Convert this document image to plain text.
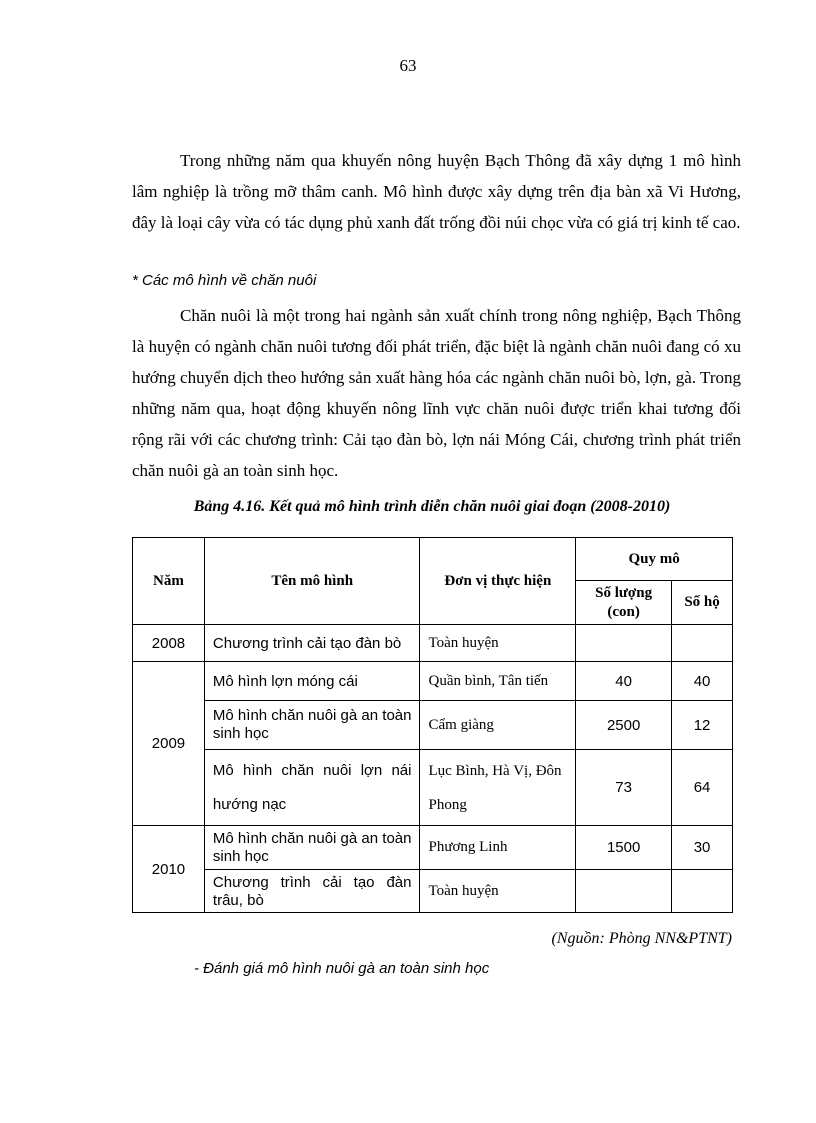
63

Trong những năm qua khuyến nông huyện Bạch Thông đã xây dựng 1 mô hình lâm nghiệp là trồng mỡ thâm canh. Mô hình được xây dựng trên địa bàn xã Vi Hương, đây là loại cây vừa có tác dụng phủ xanh đất trống đồi núi chọc vừa có giá trị kinh tế cao.

* Các mô hình về chăn nuôi

Chăn nuôi là một trong hai ngành sản xuất chính trong nông nghiệp, Bạch Thông là huyện có ngành chăn nuôi tương đối phát triển, đặc biệt là ngành chăn nuôi đang có xu hướng chuyển dịch theo hướng sản xuất hàng hóa các ngành chăn nuôi bò, lợn, gà. Trong những năm qua, hoạt động khuyến nông lĩnh vực chăn nuôi được triển khai tương đối rộng rãi với các chương trình: Cải tạo đàn bò, lợn nái Móng Cái, chương trình phát triển chăn nuôi gà an toàn sinh học.

Bảng 4.16. Kết quả mô hình trình diễn chăn nuôi giai đoạn (2008-2010)
Năm	Tên mô hình	Đơn vị thực hiện	Quy mô	
			Số lượng (con)	Số hộ
2008	Chương trình cải tạo đàn bò	Toàn huyện		
2009	Mô hình lợn móng cái	Quần bình, Tân tiến	40	40
	Mô hình chăn nuôi gà an toàn sinh học	Cẩm giàng	2500	12
	Mô hình chăn nuôi lợn nái hướng nạc	Lục Bình, Hà Vị, Đôn Phong	73	64
2010	Mô hình chăn nuôi gà an toàn sinh học	Phương Linh	1500	30
	Chương trình cải tạo đàn trâu, bò	Toàn huyện		
(Nguồn: Phòng NN&PTNT)
- Đánh giá mô hình nuôi gà an toàn sinh học
